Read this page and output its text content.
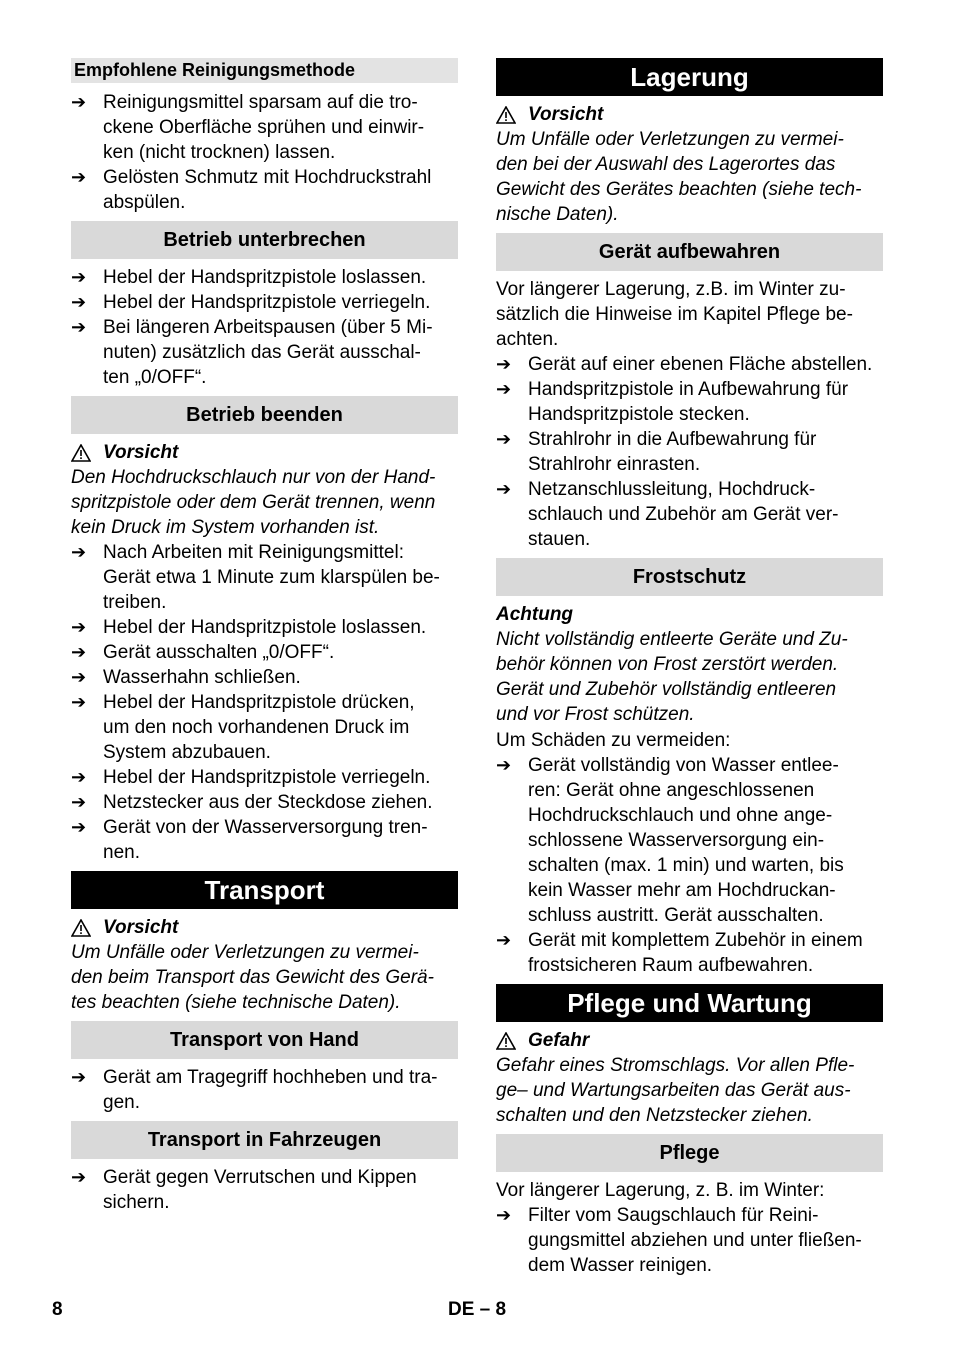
Empfohlene Reinigungsmethode
➔ Reinigungsmittel sparsam auf die tro-
ckene Oberfläche sprühen und einwir-
ken (nicht trocknen) lassen.
➔ Gelösten Schmutz mit Hochdruckstrahl
abspülen.
Betrieb unterbrechen
➔ Hebel der Handspritzpistole loslassen.
➔ Hebel der Handspritzpistole verriegeln.
➔ Bei längeren Arbeitspausen (über 5 Mi-
nuten) zusätzlich das Gerät ausschal-
ten „0/OFF“.
Betrieb beenden
Vorsicht
Den Hochdruckschlauch nur von der Hand-
spritzpistole oder dem Gerät trennen, wenn
kein Druck im System vorhanden ist.
➔ Nach Arbeiten mit Reinigungsmittel:
Gerät etwa 1 Minute zum klarspülen be-
treiben.
➔ Hebel der Handspritzpistole loslassen.
➔ Gerät ausschalten „0/OFF“.
➔ Wasserhahn schließen.
➔ Hebel der Handspritzpistole drücken,
um den noch vorhandenen Druck im
System abzubauen.
➔ Hebel der Handspritzpistole verriegeln.
➔ Netzstecker aus der Steckdose ziehen.
➔ Gerät von der Wasserversorgung tren-
nen.
Transport
Vorsicht
Um Unfälle oder Verletzungen zu vermei-
den beim Transport das Gewicht des Gerä-
tes beachten (siehe technische Daten).
Transport von Hand
➔ Gerät am Tragegriff hochheben und tra-
gen.
Transport in Fahrzeugen
➔ Gerät gegen Verrutschen und Kippen
sichern.
Lagerung
Vorsicht
Um Unfälle oder Verletzungen zu vermei-
den bei der Auswahl des Lagerortes das
Gewicht des Gerätes beachten (siehe tech-
nische Daten).
Gerät aufbewahren
Vor längerer Lagerung, z.B. im Winter zu-
sätzlich die Hinweise im Kapitel Pflege be-
achten.
➔ Gerät auf einer ebenen Fläche abstellen.
➔ Handspritzpistole in Aufbewahrung für
Handspritzpistole stecken.
➔ Strahlrohr in die Aufbewahrung für
Strahlrohr einrasten.
➔ Netzanschlussleitung, Hochdruck-
schlauch und Zubehör am Gerät ver-
stauen.
Frostschutz
Achtung
Nicht vollständig entleerte Geräte und Zu-
behör können von Frost zerstört werden.
Gerät und Zubehör vollständig entleeren
und vor Frost schützen.
Um Schäden zu vermeiden:
➔ Gerät vollständig von Wasser entlee-
ren: Gerät ohne angeschlossenen
Hochdruckschlauch und ohne ange-
schlossene Wasserversorgung ein-
schalten (max. 1 min) und warten, bis
kein Wasser mehr am Hochdruckan-
schluss austritt. Gerät ausschalten.
➔ Gerät mit komplettem Zubehör in einem
frostsicheren Raum aufbewahren.
Pflege und Wartung
Gefahr
Gefahr eines Stromschlags. Vor allen Pfle-
ge– und Wartungsarbeiten das Gerät aus-
schalten und den Netzstecker ziehen.
Pflege
Vor längerer Lagerung, z. B. im Winter:
➔ Filter vom Saugschlauch für Reini-
gungsmittel abziehen und unter fließen-
dem Wasser reinigen.
8	DE – 8
